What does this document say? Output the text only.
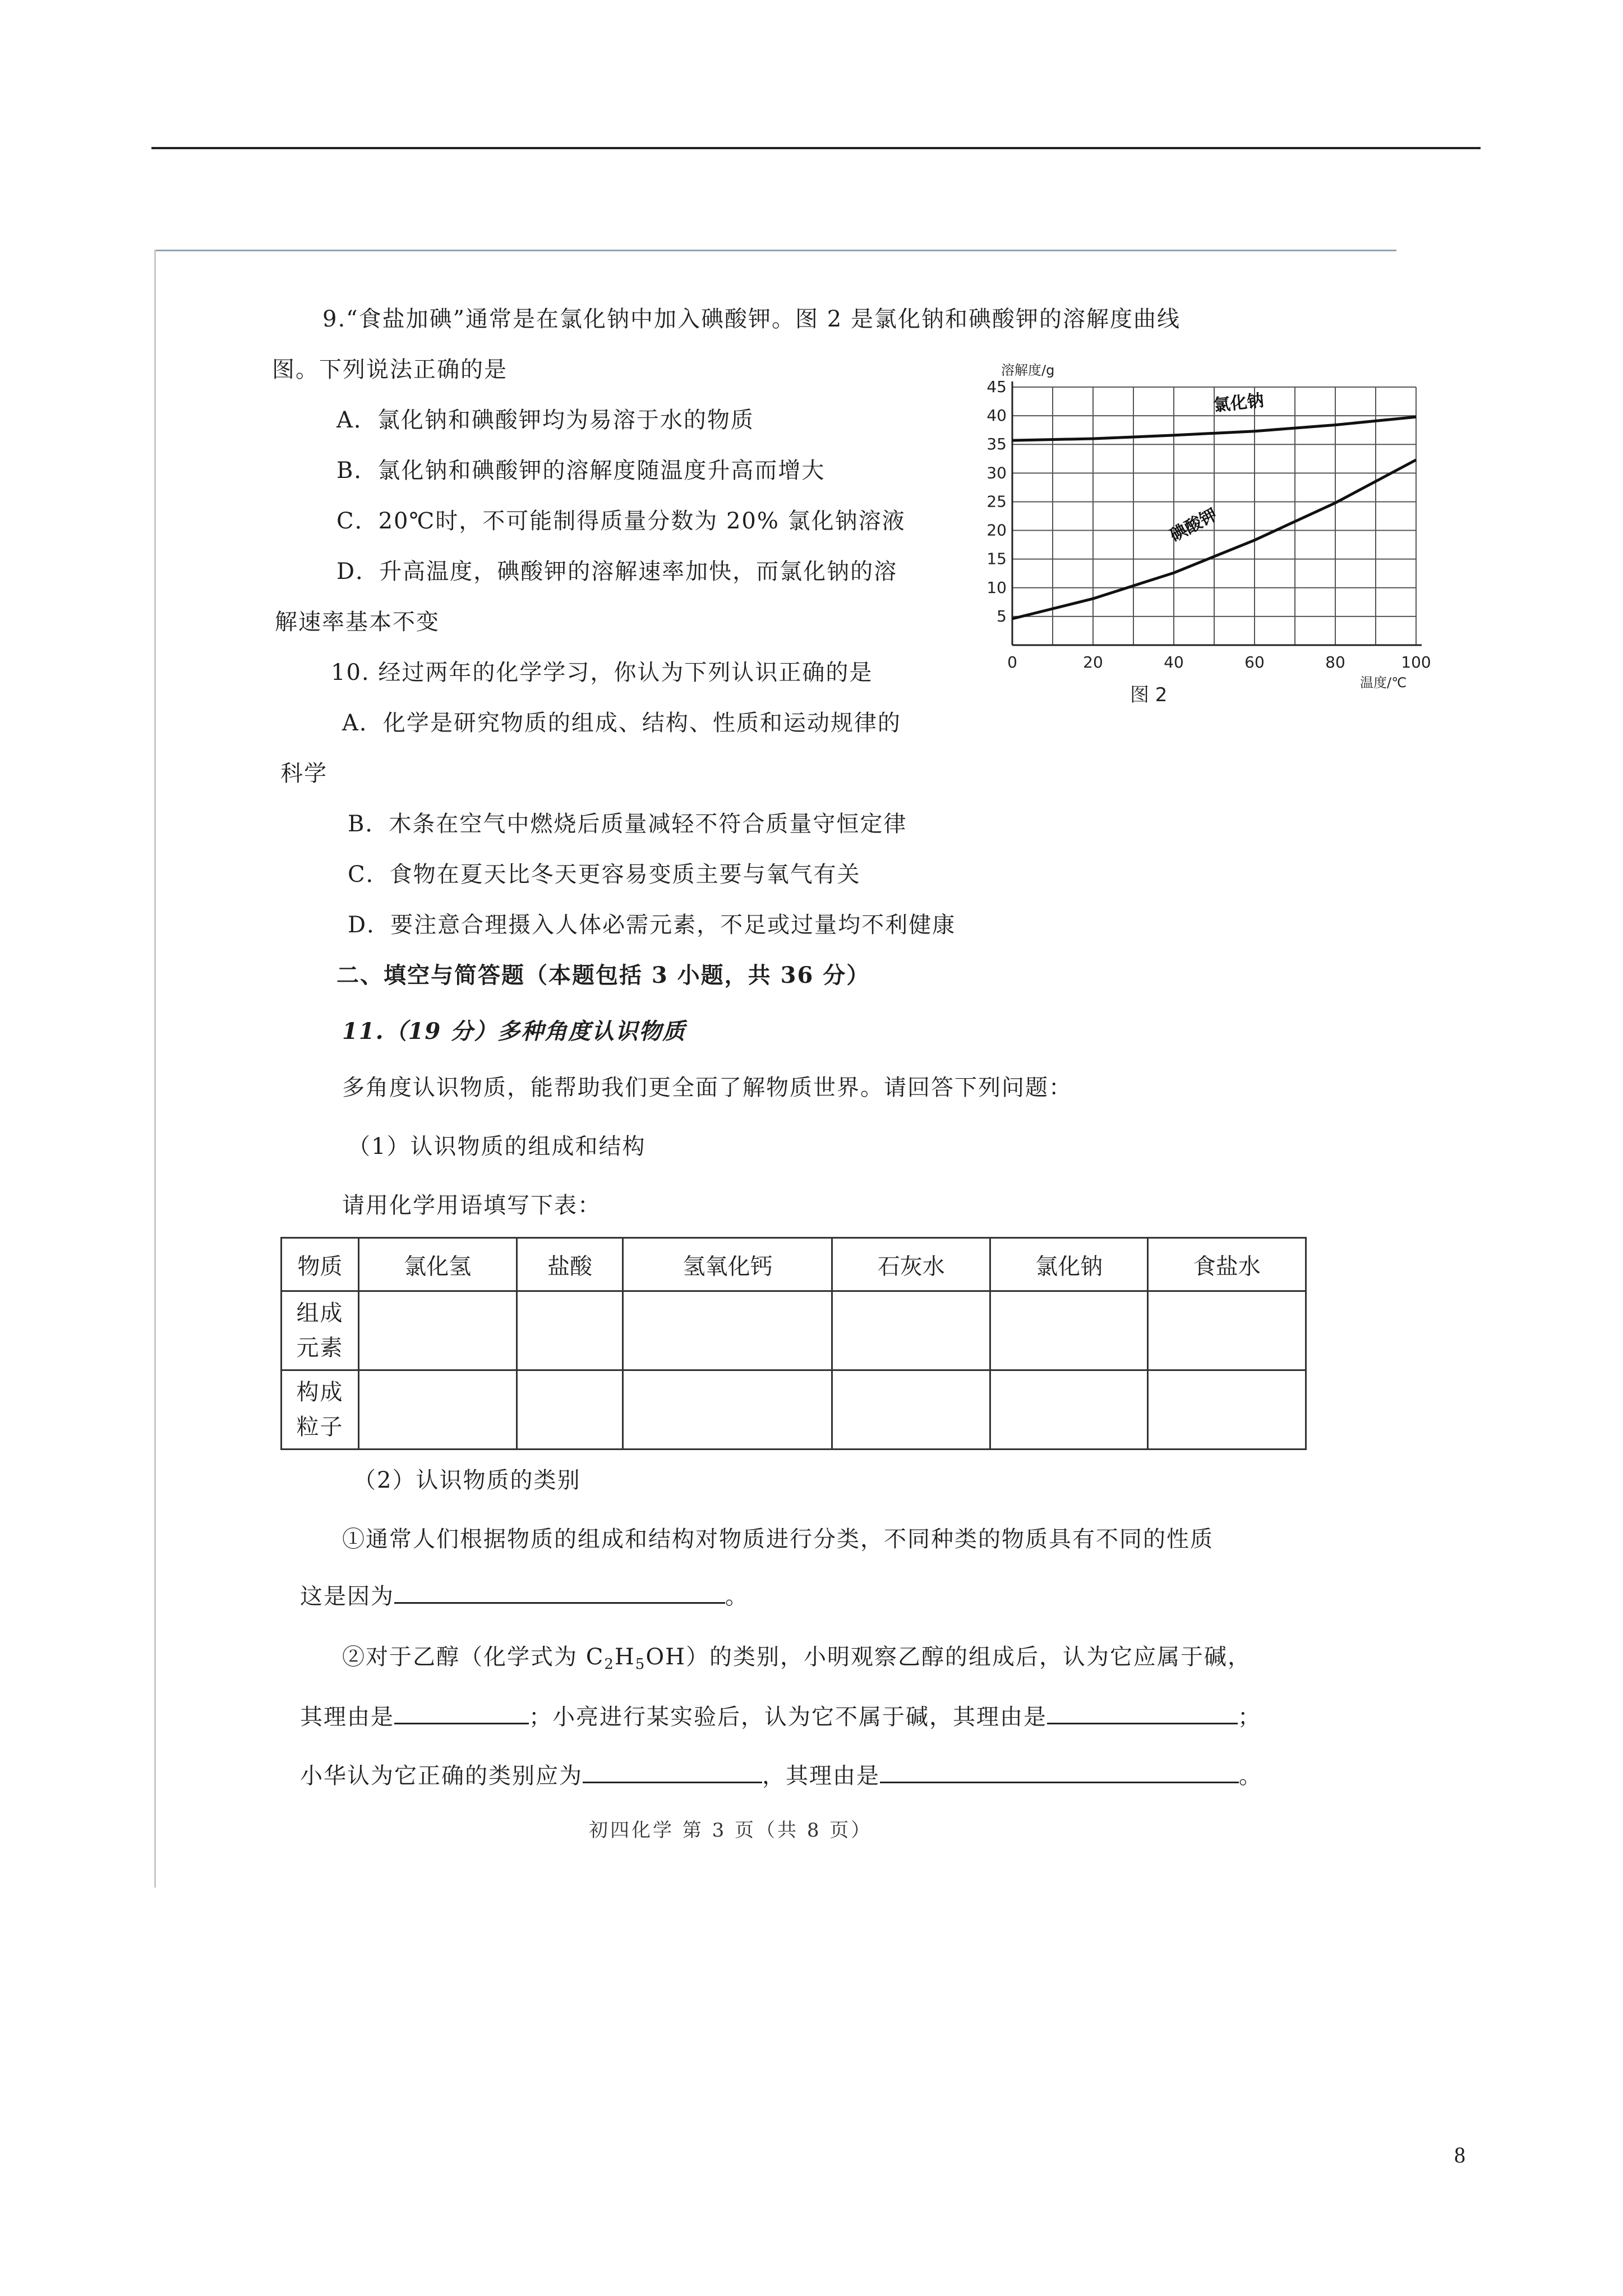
9.“食盐加碘”通常是在氯化钠中加入碘酸钾。图 2 是氯化钠和碘酸钾的溶解度曲线
图。下列说法正确的是
A．氯化钠和碘酸钾均为易溶于水的物质
B．氯化钠和碘酸钾的溶解度随温度升高而增大
C．20℃时，不可能制得质量分数为 20% 氯化钠溶液
D．升高温度，碘酸钾的溶解速率加快，而氯化钠的溶
解速率基本不变
0	20	40	60	80	100
5
10
15
20
25
30
35
40
45
溶解度/g
温度/℃
图 2
氯化钠
碘酸钾
10. 经过两年的化学学习，你认为下列认识正确的是
A．化学是研究物质的组成、结构、性质和运动规律的
科学
B．木条在空气中燃烧后质量减轻不符合质量守恒定律
C．食物在夏天比冬天更容易变质主要与氧气有关
D．要注意合理摄入人体必需元素，不足或过量均不利健康
二、填空与简答题（本题包括 3 小题，共 36 分）
11.（19 分）多种角度认识物质
多角度认识物质，能帮助我们更全面了解物质世界。请回答下列问题：
（1）认识物质的组成和结构
请用化学用语填写下表：
物质	氯化氢	盐酸	氢氧化钙	石灰水	氯化钠	食盐水
组成
元素						
构成
粒子						
（2）认识物质的类别
①通常人们根据物质的组成和结构对物质进行分类，不同种类的物质具有不同的性质
这是因为	。
②对于乙醇（化学式为 $C_2H_5OH$）的类别，小明观察乙醇的组成后，认为它应属于碱，
其理由是	；小亮进行某实验后，认为它不属于碱，其理由是	；
小华认为它正确的类别应为	，其理由是	。
初四化学 第 3 页（共 8 页）
8
